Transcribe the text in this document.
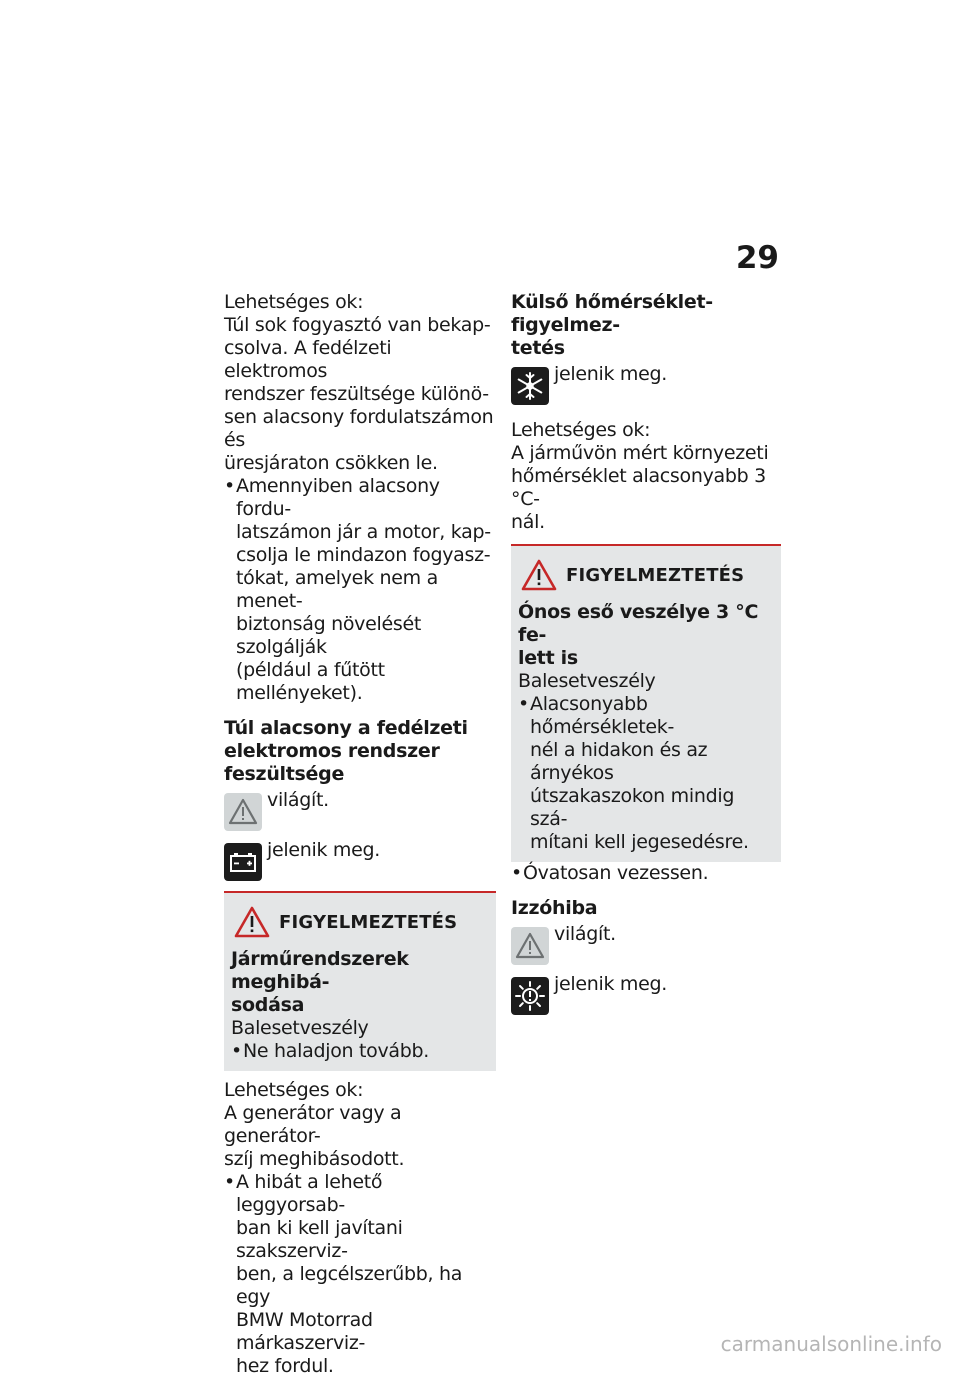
29

Lehetséges ok:

Túl sok fogyasztó van bekap-
csolva. A fedélzeti elektromos
rendszer feszültsége különö-
sen alacsony fordulatszámon és
üresjáraton csökken le.
• Amennyiben alacsony fordu-
latszámon jár a motor, kap-
csolja le mindazon fogyasz-
tókat, amelyek nem a menet-
biztonság növelését szolgálják
(például a fűtött mellényeket).
Túl alacsony a fedélzeti
elektromos rendszer
feszültsége
világít.
jelenik meg.
FIGYELMEZTETÉS
Járműrendszerek meghibá-
sodása

Balesetveszély

• Ne haladjon tovább.

Lehetséges ok:

A generátor vagy a generátor-
szíj meghibásodott.
• A hibát a lehető leggyorsab-
ban ki kell javítani szakszerviz-
ben, a legcélszerűbb, ha egy
BMW Motorrad márkaszerviz-
hez fordul.
Külső hőmérséklet-figyelmez-
tetés
jelenik meg.

Lehetséges ok:

A járművön mért környezeti
hőmérséklet alacsonyabb 3 °C-
nál.
FIGYELMEZTETÉS
Ónos eső veszélye 3 °C fe-
lett is

Balesetveszély

• Alacsonyabb hőmérsékletek-
nél a hidakon és az árnyékos
útszakaszokon mindig szá-
mítani kell jegesedésre.
• Óvatosan vezessen.

Izzóhiba

világít.
jelenik meg.
carmanualsonline.info
